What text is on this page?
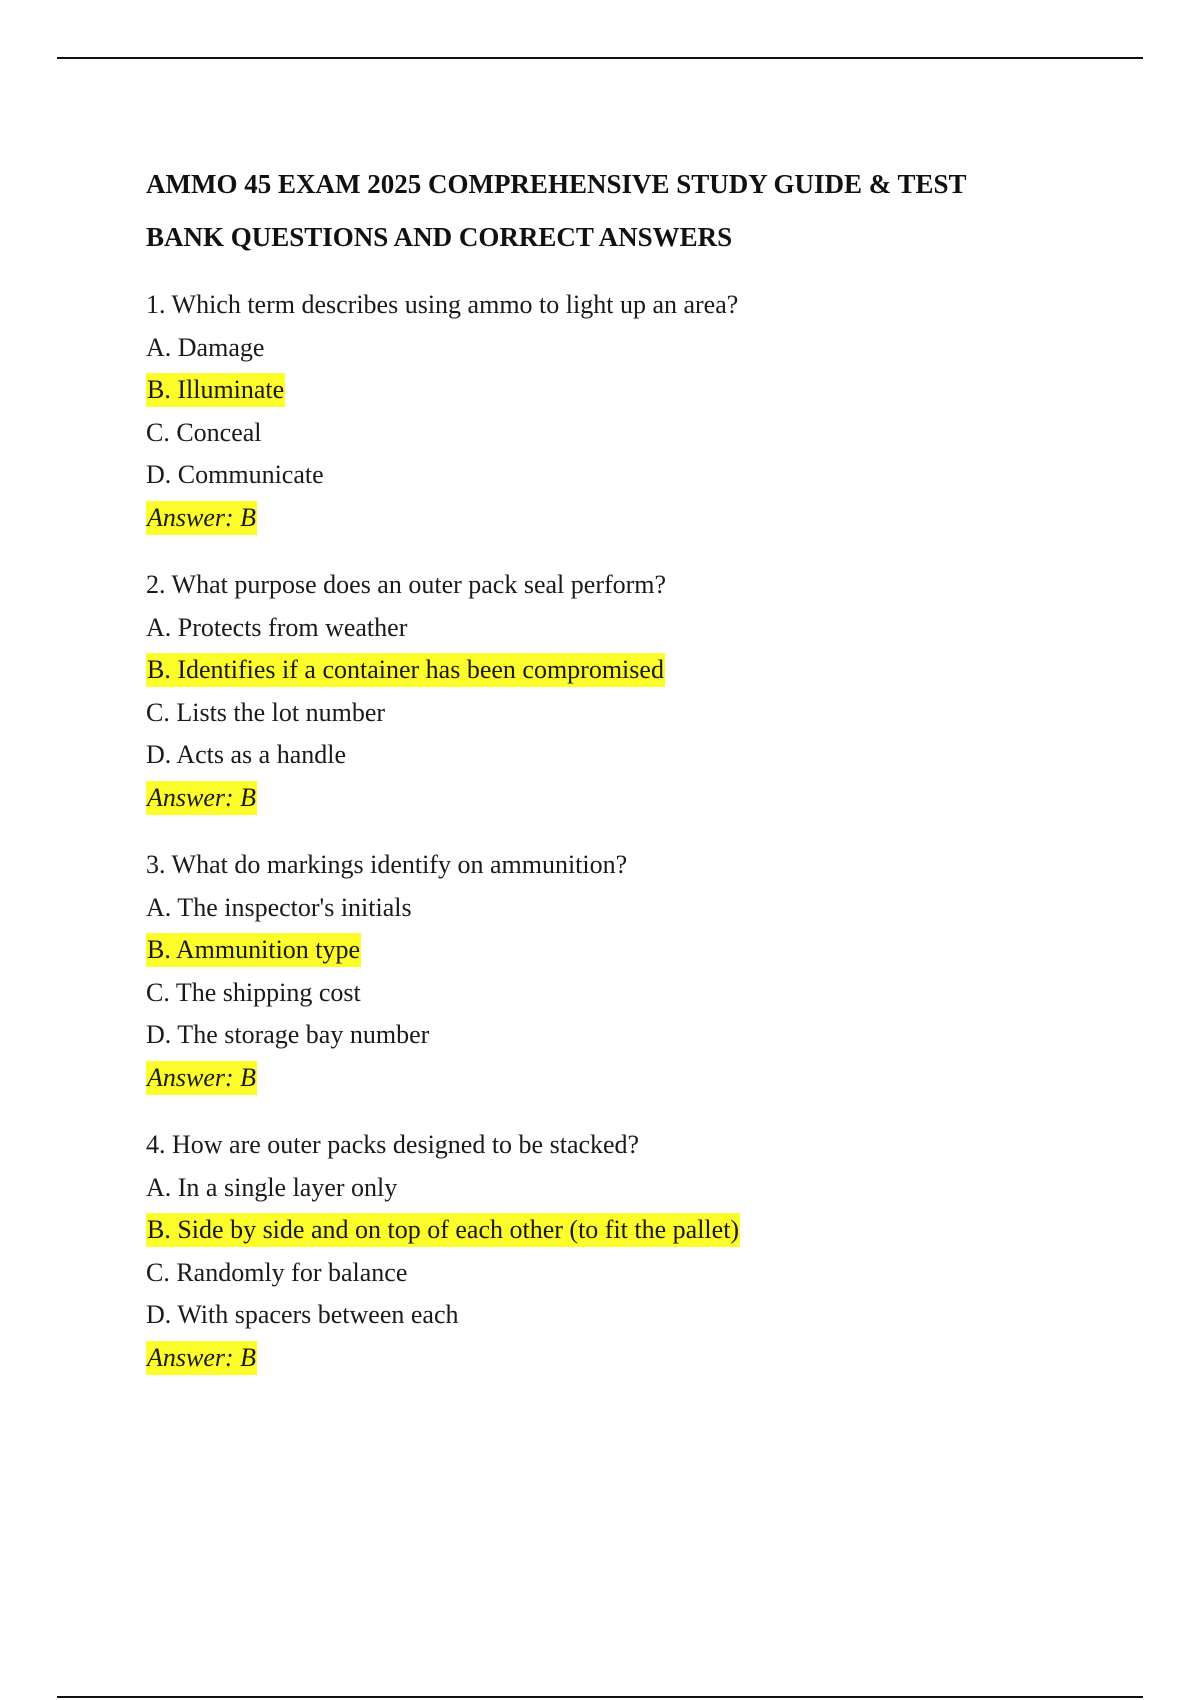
AMMO 45 EXAM 2025 COMPREHENSIVE STUDY GUIDE & TEST
BANK QUESTIONS AND CORRECT ANSWERS
1. Which term describes using ammo to light up an area?
A. Damage
B. Illuminate
C. Conceal
D. Communicate
Answer: B
2. What purpose does an outer pack seal perform?
A. Protects from weather
B. Identifies if a container has been compromised
C. Lists the lot number
D. Acts as a handle
Answer: B
3. What do markings identify on ammunition?
A. The inspector's initials
B. Ammunition type
C. The shipping cost
D. The storage bay number
Answer: B
4. How are outer packs designed to be stacked?
A. In a single layer only
B. Side by side and on top of each other (to fit the pallet)
C. Randomly for balance
D. With spacers between each
Answer: B
